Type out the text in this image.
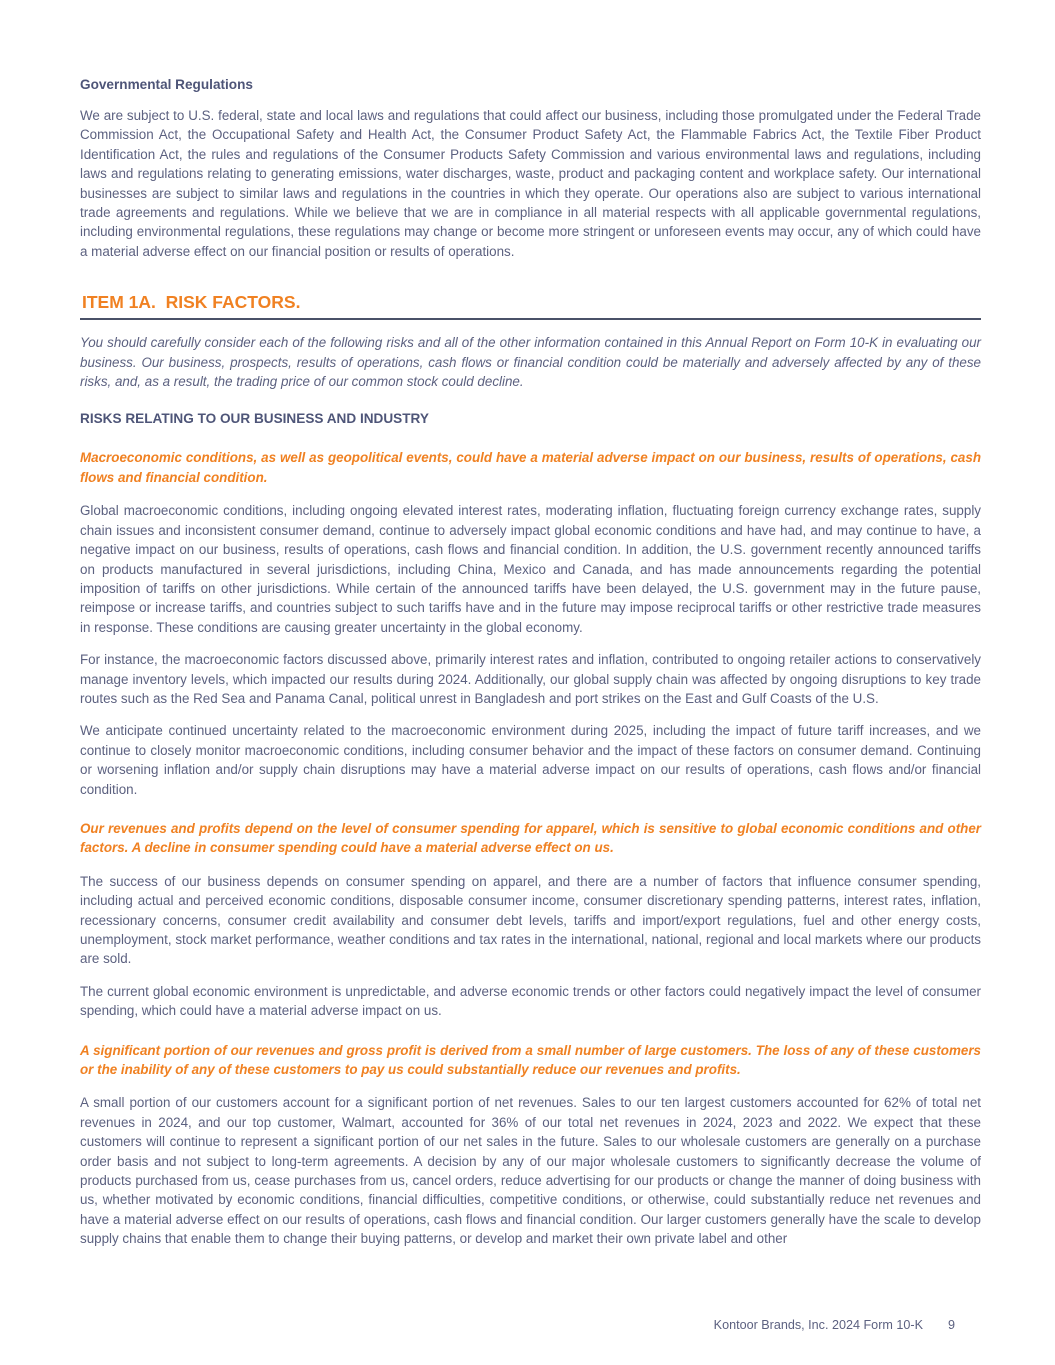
Governmental Regulations

We are subject to U.S. federal, state and local laws and regulations that could affect our business, including those promulgated under the Federal Trade Commission Act, the Occupational Safety and Health Act, the Consumer Product Safety Act, the Flammable Fabrics Act, the Textile Fiber Product Identification Act, the rules and regulations of the Consumer Products Safety Commission and various environmental laws and regulations, including laws and regulations relating to generating emissions, water discharges, waste, product and packaging content and workplace safety. Our international businesses are subject to similar laws and regulations in the countries in which they operate. Our operations also are subject to various international trade agreements and regulations. While we believe that we are in compliance in all material respects with all applicable governmental regulations, including environmental regulations, these regulations may change or become more stringent or unforeseen events may occur, any of which could have a material adverse effect on our financial position or results of operations.

ITEM 1A.  RISK FACTORS.

You should carefully consider each of the following risks and all of the other information contained in this Annual Report on Form 10-K in evaluating our business. Our business, prospects, results of operations, cash flows or financial condition could be materially and adversely affected by any of these risks, and, as a result, the trading price of our common stock could decline.

RISKS RELATING TO OUR BUSINESS AND INDUSTRY
Macroeconomic conditions, as well as geopolitical events, could have a material adverse impact on our business, results of operations, cash flows and financial condition.

Global macroeconomic conditions, including ongoing elevated interest rates, moderating inflation, fluctuating foreign currency exchange rates, supply chain issues and inconsistent consumer demand, continue to adversely impact global economic conditions and have had, and may continue to have, a negative impact on our business, results of operations, cash flows and financial condition. In addition, the U.S. government recently announced tariffs on products manufactured in several jurisdictions, including China, Mexico and Canada, and has made announcements regarding the potential imposition of tariffs on other jurisdictions. While certain of the announced tariffs have been delayed, the U.S. government may in the future pause, reimpose or increase tariffs, and countries subject to such tariffs have and in the future may impose reciprocal tariffs or other restrictive trade measures in response. These conditions are causing greater uncertainty in the global economy.

For instance, the macroeconomic factors discussed above, primarily interest rates and inflation, contributed to ongoing retailer actions to conservatively manage inventory levels, which impacted our results during 2024. Additionally, our global supply chain was affected by ongoing disruptions to key trade routes such as the Red Sea and Panama Canal, political unrest in Bangladesh and port strikes on the East and Gulf Coasts of the U.S.

We anticipate continued uncertainty related to the macroeconomic environment during 2025, including the impact of future tariff increases, and we continue to closely monitor macroeconomic conditions, including consumer behavior and the impact of these factors on consumer demand. Continuing or worsening inflation and/or supply chain disruptions may have a material adverse impact on our results of operations, cash flows and/or financial condition.

Our revenues and profits depend on the level of consumer spending for apparel, which is sensitive to global economic conditions and other factors. A decline in consumer spending could have a material adverse effect on us.

The success of our business depends on consumer spending on apparel, and there are a number of factors that influence consumer spending, including actual and perceived economic conditions, disposable consumer income, consumer discretionary spending patterns, interest rates, inflation, recessionary concerns, consumer credit availability and consumer debt levels, tariffs and import/export regulations, fuel and other energy costs, unemployment, stock market performance, weather conditions and tax rates in the international, national, regional and local markets where our products are sold.

The current global economic environment is unpredictable, and adverse economic trends or other factors could negatively impact the level of consumer spending, which could have a material adverse impact on us.

A significant portion of our revenues and gross profit is derived from a small number of large customers. The loss of any of these customers or the inability of any of these customers to pay us could substantially reduce our revenues and profits.

A small portion of our customers account for a significant portion of net revenues. Sales to our ten largest customers accounted for 62% of total net revenues in 2024, and our top customer, Walmart, accounted for 36% of our total net revenues in 2024, 2023 and 2022. We expect that these customers will continue to represent a significant portion of our net sales in the future. Sales to our wholesale customers are generally on a purchase order basis and not subject to long-term agreements. A decision by any of our major wholesale customers to significantly decrease the volume of products purchased from us, cease purchases from us, cancel orders, reduce advertising for our products or change the manner of doing business with us, whether motivated by economic conditions, financial difficulties, competitive conditions, or otherwise, could substantially reduce net revenues and have a material adverse effect on our results of operations, cash flows and financial condition. Our larger customers generally have the scale to develop supply chains that enable them to change their buying patterns, or develop and market their own private label and other

Kontoor Brands, Inc. 2024 Form 10-K 9
